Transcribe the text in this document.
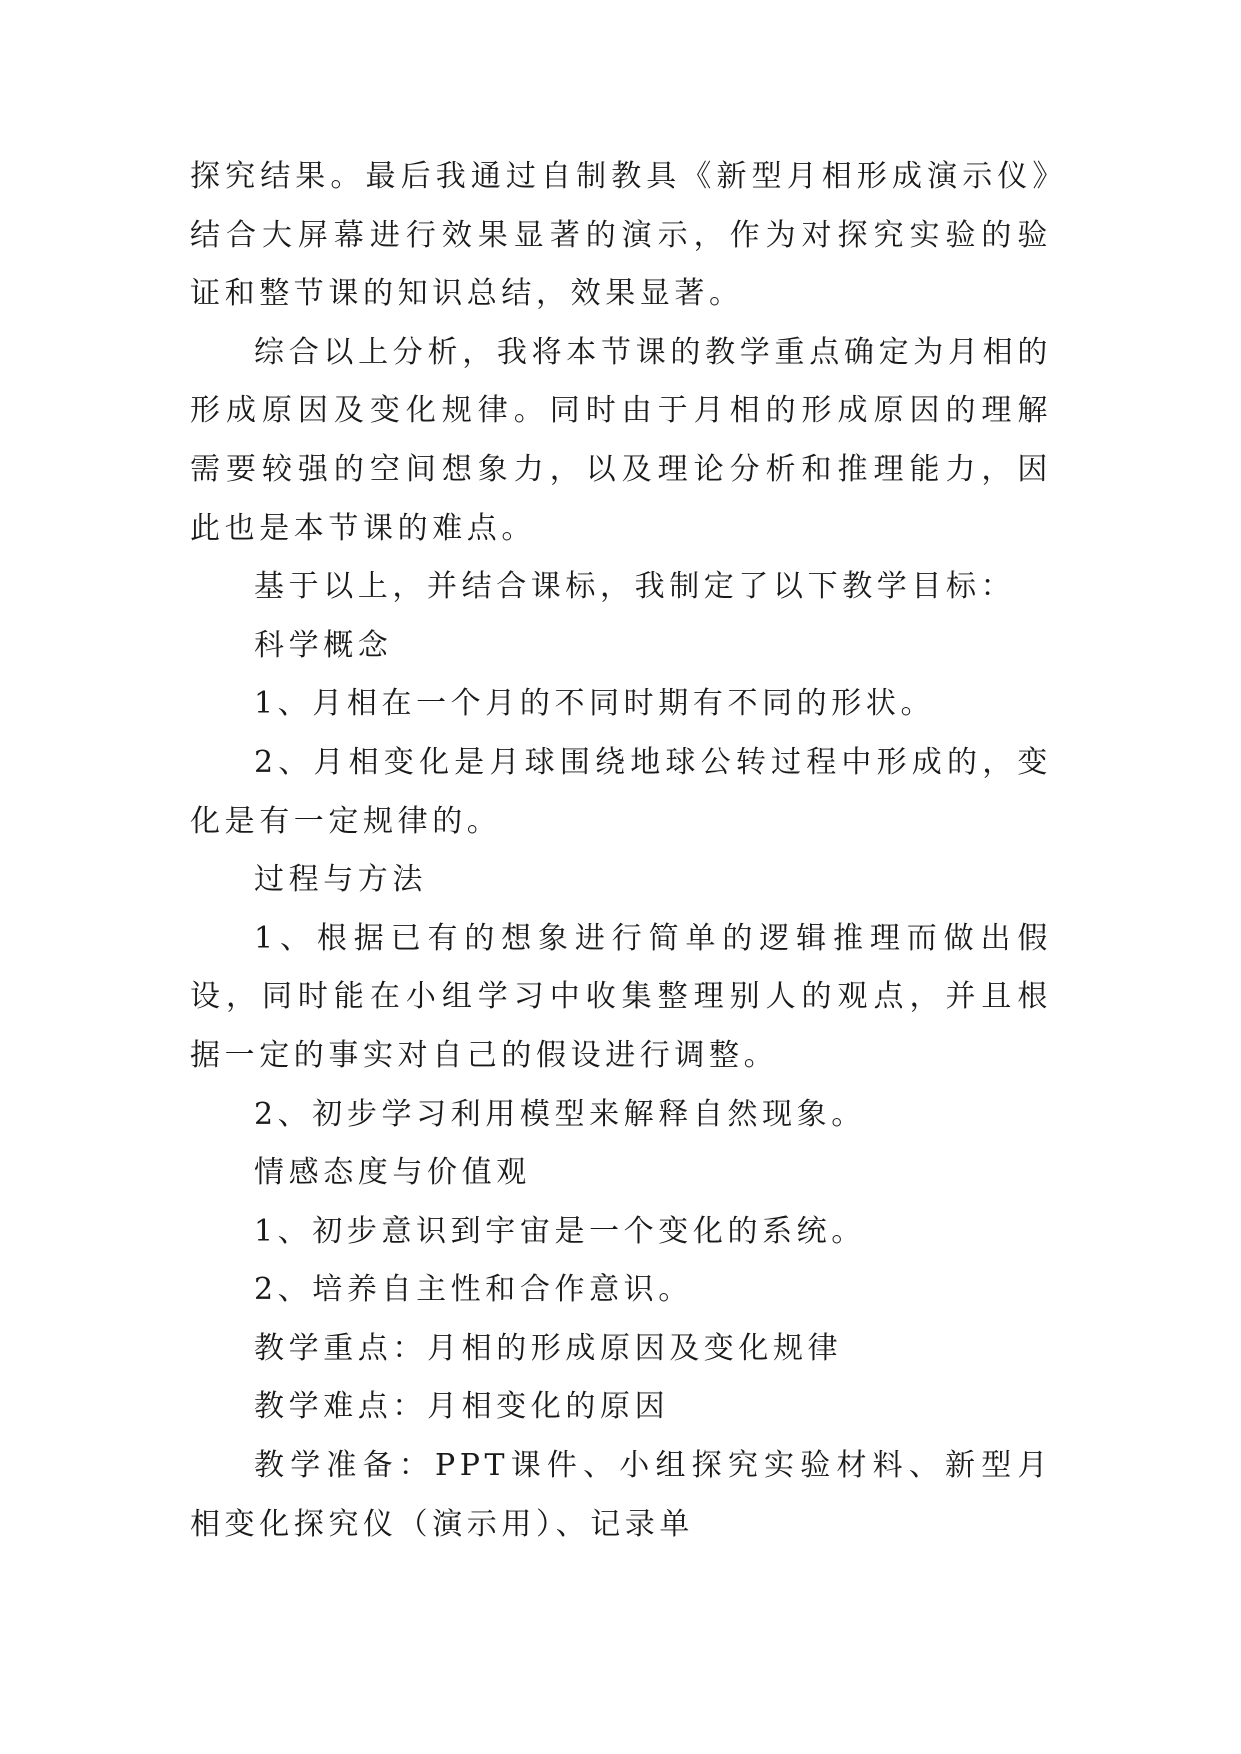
探究结果。最后我通过自制教具《新型月相形成演示仪》结合大屏幕进行效果显著的演示，作为对探究实验的验证和整节课的知识总结，效果显著。

综合以上分析，我将本节课的教学重点确定为月相的形成原因及变化规律。同时由于月相的形成原因的理解需要较强的空间想象力，以及理论分析和推理能力，因此也是本节课的难点。

基于以上，并结合课标，我制定了以下教学目标：

科学概念

1、月相在一个月的不同时期有不同的形状。

2、月相变化是月球围绕地球公转过程中形成的，变化是有一定规律的。

过程与方法

1、根据已有的想象进行简单的逻辑推理而做出假设，同时能在小组学习中收集整理别人的观点，并且根据一定的事实对自己的假设进行调整。

2、初步学习利用模型来解释自然现象。

情感态度与价值观

1、初步意识到宇宙是一个变化的系统。

2、培养自主性和合作意识。

教学重点：月相的形成原因及变化规律

教学难点：月相变化的原因

教学准备：PPT课件、小组探究实验材料、新型月相变化探究仪（演示用）、记录单
